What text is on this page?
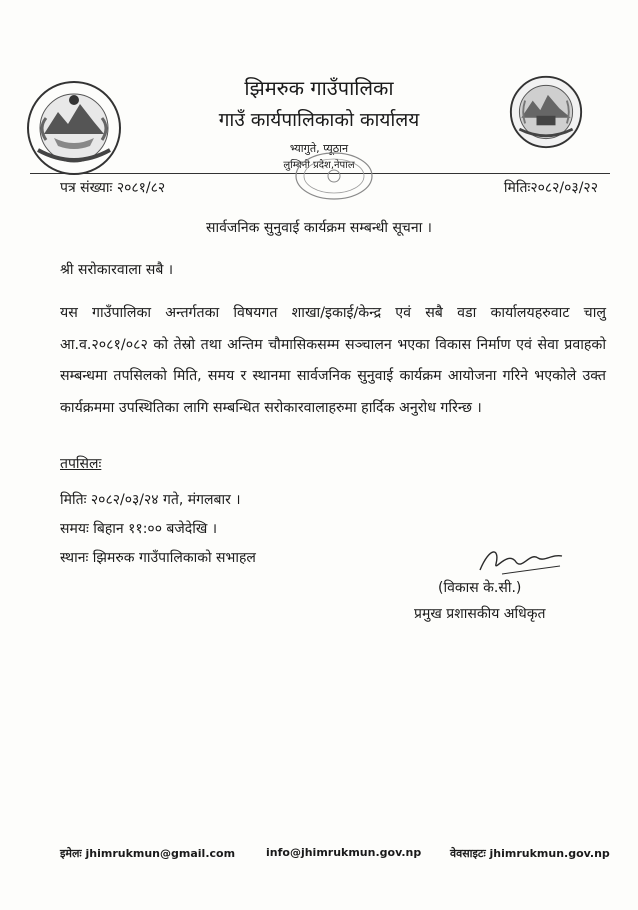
झिमरुक गाउँपालिका
गाउँ कार्यपालिकाको कार्यालय
भ्यागुते, प्यूठान
लुम्बिनी प्रदेश,नेपाल
पत्र संख्याः २०८१/८२	मितिः२०८२/०३/२२
सार्वजनिक सुनुवाई कार्यक्रम सम्बन्धी सूचना ।
श्री सरोकारवाला सबै ।
यस गाउँपालिका अन्तर्गतका विषयगत शाखा/इकाई/केन्द्र एवं सबै वडा कार्यालयहरुवाट चालु आ.व.२०८१/०८२ को तेस्रो तथा अन्तिम चौमासिकसम्म सञ्चालन भएका विकास निर्माण एवं सेवा प्रवाहको सम्बन्धमा तपसिलको मिति, समय र स्थानमा सार्वजनिक सुनुवाई कार्यक्रम आयोजना गरिने भएकोले उक्त कार्यक्रममा उपस्थितिका लागि सम्बन्धित सरोकारवालाहरुमा हार्दिक अनुरोध गरिन्छ ।
तपसिलः
मितिः २०८२/०३/२४ गते, मंगलबार ।
समयः बिहान ११:०० बजेदेखि ।
स्थानः झिमरुक गाउँपालिकाको सभाहल
(विकास के.सी.)
प्रमुख प्रशासकीय अधिकृत
इमेलः jhimrukmun@gmail.com	info@jhimrukmun.gov.np	वेवसाइटः jhimrukmun.gov.np
